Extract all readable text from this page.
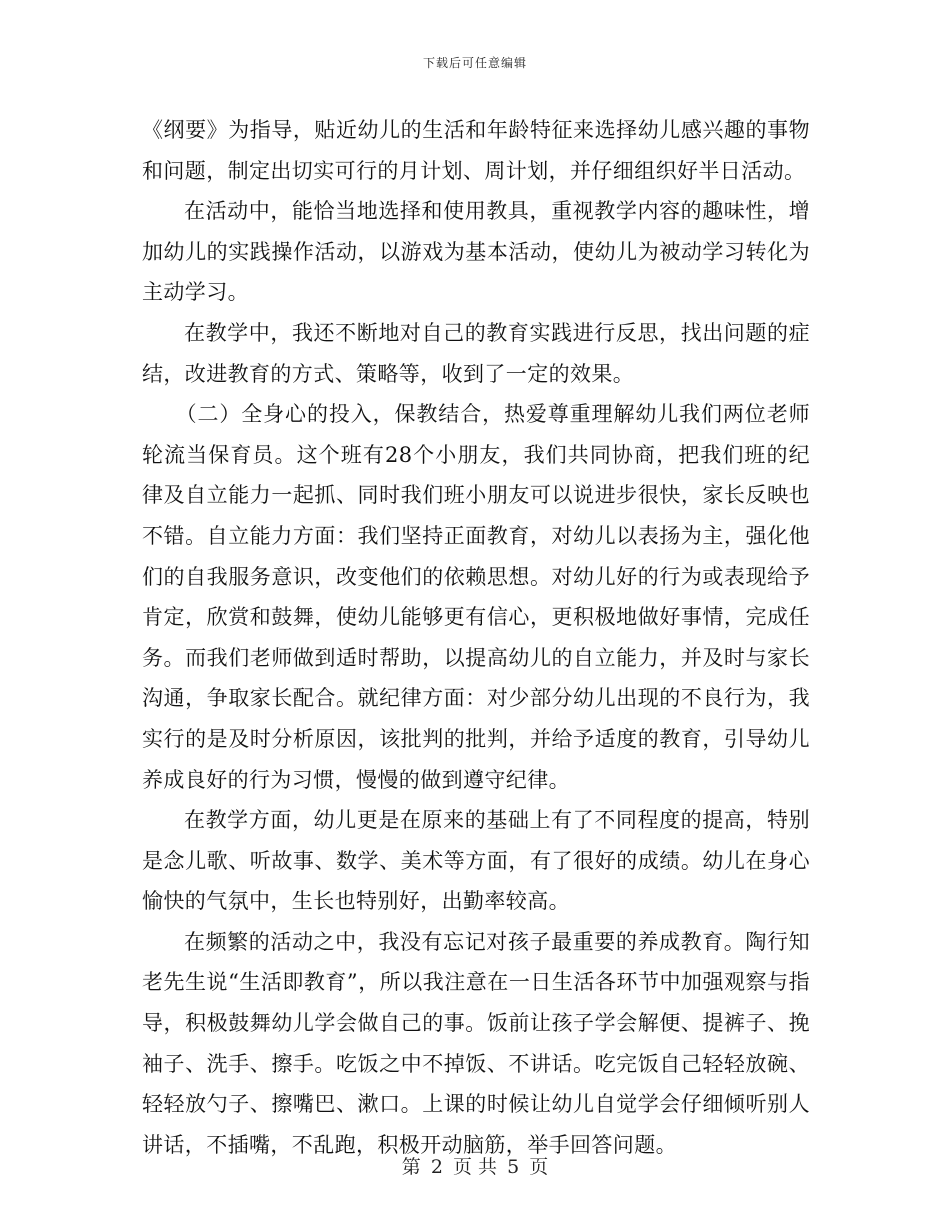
下载后可任意编辑

《纲要》为指导，贴近幼儿的生活和年龄特征来选择幼儿感兴趣的事物和问题，制定出切实可行的月计划、周计划，并仔细组织好半日活动。

在活动中，能恰当地选择和使用教具，重视教学内容的趣味性，增加幼儿的实践操作活动，以游戏为基本活动，使幼儿为被动学习转化为主动学习。

在教学中，我还不断地对自己的教育实践进行反思，找出问题的症结，改进教育的方式、策略等，收到了一定的效果。

（二）全身心的投入，保教结合，热爱尊重理解幼儿我们两位老师轮流当保育员。这个班有28个小朋友，我们共同协商，把我们班的纪律及自立能力一起抓、同时我们班小朋友可以说进步很快，家长反映也不错。自立能力方面：我们坚持正面教育，对幼儿以表扬为主，强化他们的自我服务意识，改变他们的依赖思想。对幼儿好的行为或表现给予肯定，欣赏和鼓舞，使幼儿能够更有信心，更积极地做好事情，完成任务。而我们老师做到适时帮助，以提高幼儿的自立能力，并及时与家长沟通，争取家长配合。就纪律方面：对少部分幼儿出现的不良行为，我实行的是及时分析原因，该批判的批判，并给予适度的教育，引导幼儿养成良好的行为习惯，慢慢的做到遵守纪律。

在教学方面，幼儿更是在原来的基础上有了不同程度的提高，特别是念儿歌、听故事、数学、美术等方面，有了很好的成绩。幼儿在身心愉快的气氛中，生长也特别好，出勤率较高。

在频繁的活动之中，我没有忘记对孩子最重要的养成教育。陶行知老先生说“生活即教育”，所以我注意在一日生活各环节中加强观察与指导，积极鼓舞幼儿学会做自己的事。饭前让孩子学会解便、提裤子、挽袖子、洗手、擦手。吃饭之中不掉饭、不讲话。吃完饭自己轻轻放碗、轻轻放勺子、擦嘴巴、漱口。上课的时候让幼儿自觉学会仔细倾听别人讲话，不插嘴，不乱跑，积极开动脑筋，举手回答问题。

第 2 页 共 5 页
